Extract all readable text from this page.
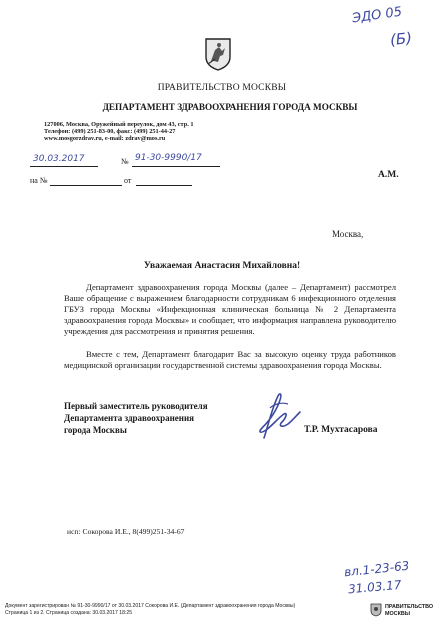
ЭДО 05
(Б)
ПРАВИТЕЛЬСТВО МОСКВЫ
ДЕПАРТАМЕНТ ЗДРАВООХРАНЕНИЯ ГОРОДА МОСКВЫ
127006, Москва, Оружейный переулок, дом 43, стр. 1
Телефон: (499) 251-83-00, факс: (499) 251-44-27
www.mosgorzdrav.ru, e-mail: zdrav@mos.ru
30.03.2017	№ 91-30-9990/17
на №	от
А.М.
Москва,
Уважаемая Анастасия Михайловна!
Департамент здравоохранения города Москвы (далее – Департамент) рассмотрел Ваше обращение с выражением благодарности сотрудникам 6 инфекционного отделения ГБУЗ города Москвы «Инфекционная клиническая больница № 2 Департамента здравоохранения города Москвы» и сообщает, что информация направлена руководителю учреждения для рассмотрения и принятия решения.
Вместе с тем, Департамент благодарит Вас за высокую оценку труда работников медицинской организации государственной системы здравоохранения города Москвы.
Первый заместитель руководителя
Департамента здравоохранения
города Москвы	Т.Р. Мухтасарова
исп: Сокорова И.Е., 8(499)251-34-67
вл.1-23-63
31.03.17
Документ зарегистрирован № 91-30-9990/17 от 30.03.2017 Сокорова И.Е. (Департамент здравоохранения города Москвы)
Страница 1 из 2. Страница создана: 30.03.2017 18:25
ПРАВИТЕЛЬСТВО
МОСКВЫ
